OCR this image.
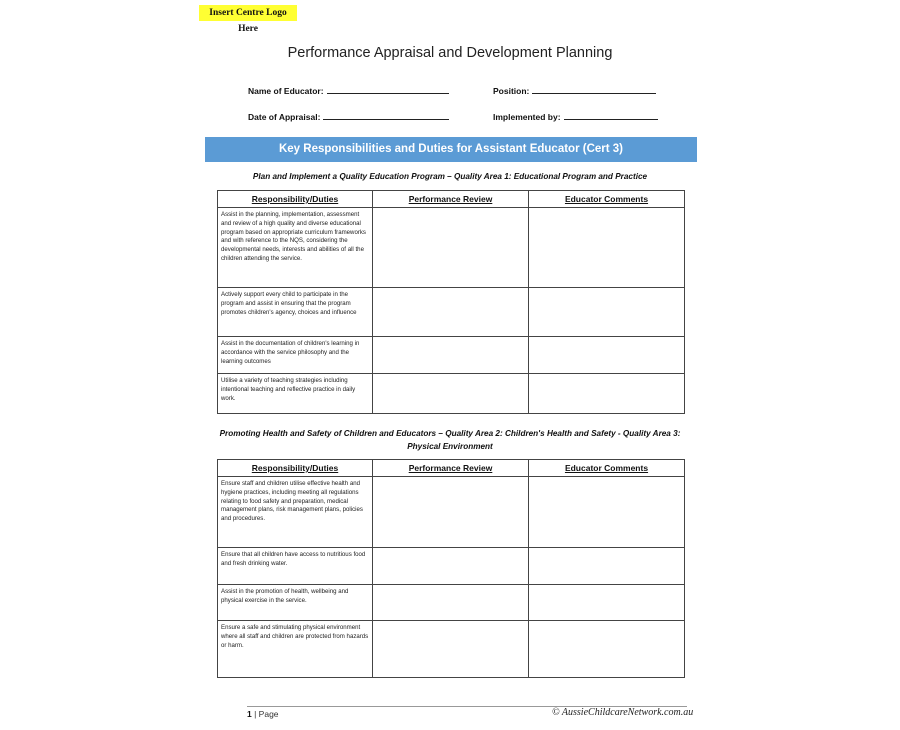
Insert Centre Logo Here
Performance Appraisal and Development Planning
Name of Educator:	Position:
Date of Appraisal:	Implemented by:
Key Responsibilities and Duties for Assistant Educator (Cert 3)
Plan and Implement a Quality Education Program – Quality Area 1: Educational Program and Practice
Responsibility/Duties	Performance Review	Educator Comments
Assist in the planning, implementation, assessment and review of a high quality and diverse educational program based on appropriate curriculum frameworks and with reference to the NQS, considering the developmental needs, interests and abilities of all the children attending the service.		
Actively support every child to participate in the program and assist in ensuring that the program promotes children's agency, choices and influence		
Assist in the documentation of children's learning in accordance with the service philosophy and the learning outcomes		
Utilise a variety of teaching strategies including intentional teaching and reflective practice in daily work.		
Promoting Health and Safety of Children and Educators – Quality Area 2: Children's Health and Safety - Quality Area 3: Physical Environment
Responsibility/Duties	Performance Review	Educator Comments
Ensure staff and children utilise effective health and hygiene practices, including meeting all regulations relating to food safety and preparation, medical management plans, risk management plans, policies and procedures.		
Ensure that all children have access to nutritious food and fresh drinking water.		
Assist in the promotion of health, wellbeing and physical exercise in the service.		
Ensure a safe and stimulating physical environment where all staff and children are protected from hazards or harm.		
1 | Page	© AussieChildcareNetwork.com.au
